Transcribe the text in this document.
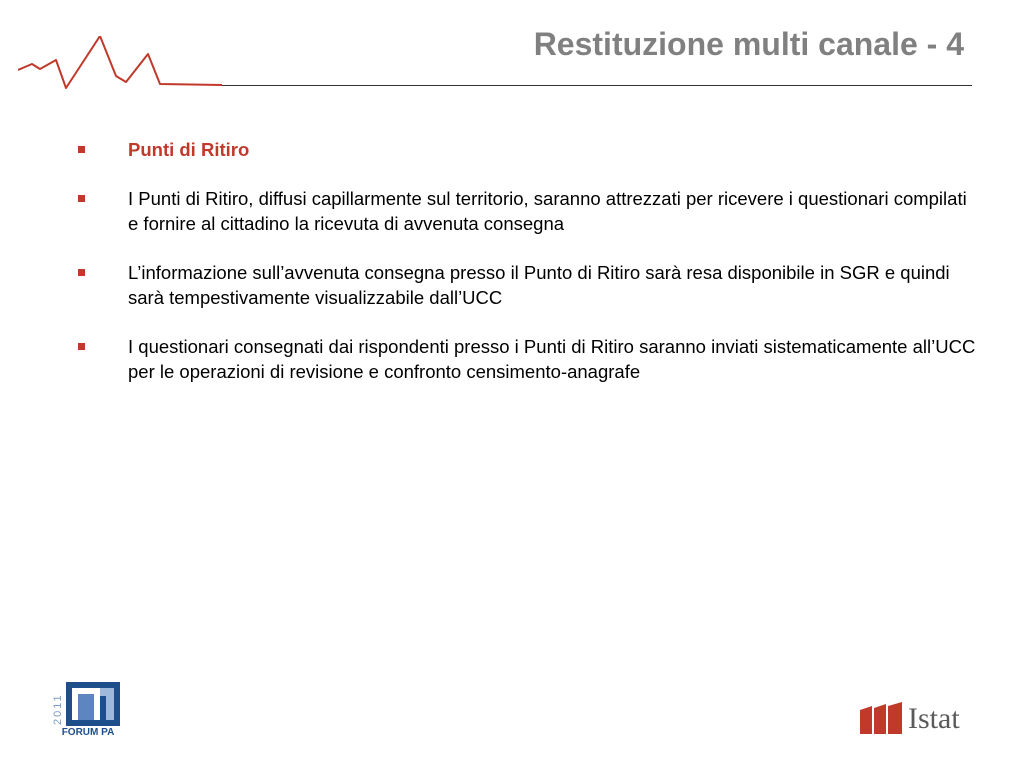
Restituzione multi canale - 4
Punti di Ritiro
I Punti di Ritiro, diffusi capillarmente sul territorio, saranno attrezzati per ricevere i questionari compilati e fornire al cittadino la ricevuta di avvenuta consegna
L’informazione sull’avvenuta consegna presso il Punto di Ritiro sarà resa disponibile in SGR e quindi sarà tempestivamente visualizzabile dall’UCC
I questionari consegnati dai rispondenti presso i Punti di Ritiro saranno inviati sistematicamente all’UCC per le operazioni di revisione e confronto censimento-anagrafe
2011
FORUM PA	Istat
